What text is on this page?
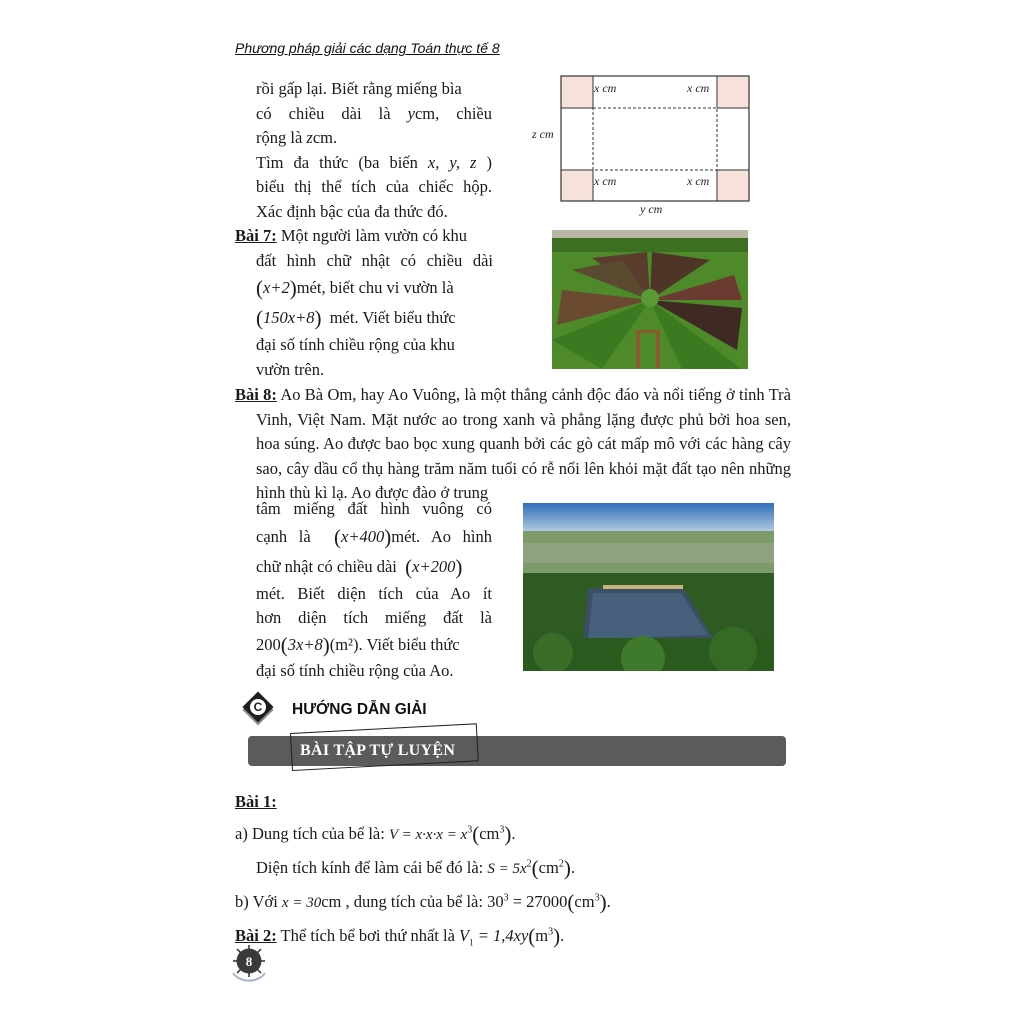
Phương pháp giải các dạng Toán thực tế 8
rồi gấp lại. Biết rằng miếng bìa
có chiều dài là ycm, chiều
rộng là zcm.
Tìm đa thức (ba biến x, y, z )
biểu thị thể tích của chiếc hộp.
Xác định bậc của đa thức đó.
x cm	x cm
x cm	x cm
z cm
y cm
Bài 7: Một người làm vườn có khu
đất hình chữ nhật có chiều dài
(x+2)mét, biết chu vi vườn là
(150x+8) mét. Viết biểu thức
đại số tính chiều rộng của khu
vườn trên.
Bài 8: Ao Bà Om, hay Ao Vuông, là một thắng cảnh độc đáo và nổi tiếng ở tỉnh Trà Vinh, Việt Nam. Mặt nước ao trong xanh và phẳng lặng được phủ bởi hoa sen, hoa súng. Ao được bao bọc xung quanh bởi các gò cát mấp mô với các hàng cây sao, cây dầu cổ thụ hàng trăm năm tuổi có rễ nổi lên khỏi mặt đất tạo nên những hình thù kì lạ. Ao được đào ở trung
tâm miếng đất hình vuông có
cạnh là (x+400)mét. Ao hình
chữ nhật có chiều dài (x+200)
mét. Biết diện tích của Ao ít
hơn diện tích miếng đất là
200(3x+8)(m²). Viết biểu thức
đại số tính chiều rộng của Ao.
C HƯỚNG DẪN GIẢI
BÀI TẬP TỰ LUYỆN
Bài 1:
a) Dung tích của bể là: $V = x\cdot x\cdot x = x^3(cm^3)$.
Diện tích kính để làm cái bể đó là: $S = 5x^2(cm^2)$.
b) Với x = 30cm , dung tích của bể là: $30^3 = 27000(cm^3)$.
Bài 2: Thể tích bể bơi thứ nhất là $V_1 = 1,4xy(m^3)$.
8
